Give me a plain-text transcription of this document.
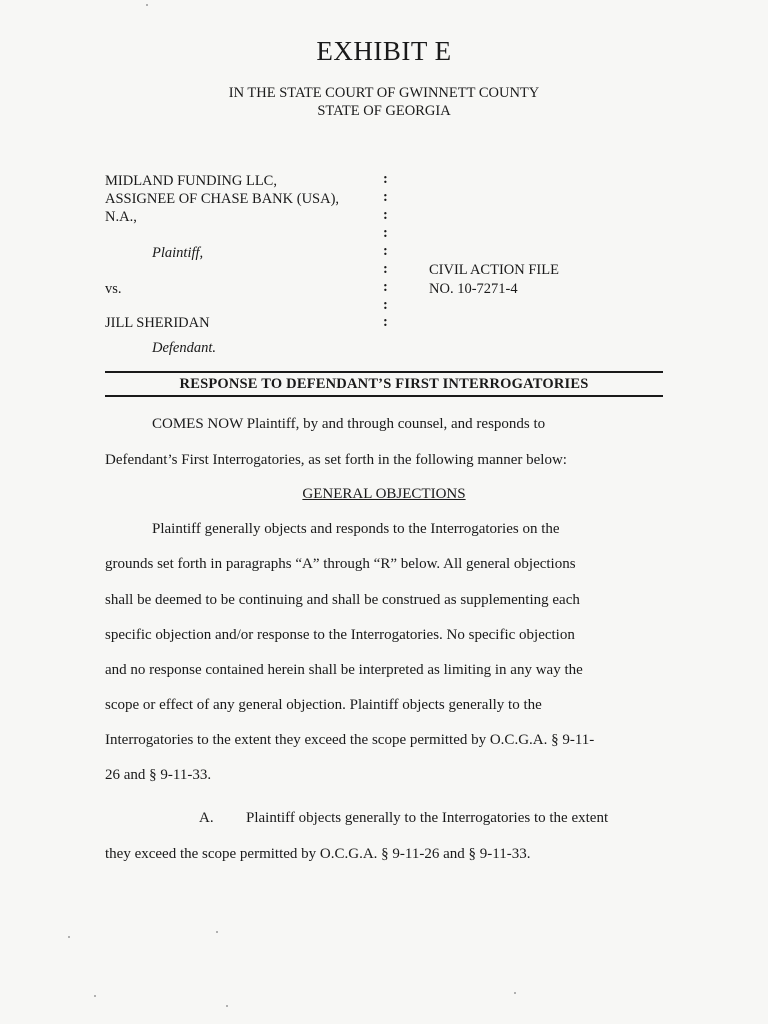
EXHIBIT E
IN THE STATE COURT OF GWINNETT COUNTY
STATE OF GEORGIA
MIDLAND FUNDING LLC,
ASSIGNEE OF CHASE BANK (USA),
N.A.,
Plaintiff,
vs.
JILL SHERIDAN
Defendant.
:
:
:
:
:
:
:
:
:
CIVIL ACTION FILE
NO. 10-7271-4
RESPONSE TO DEFENDANT’S FIRST INTERROGATORIES
COMES NOW Plaintiff, by and through counsel, and responds to
Defendant’s First Interrogatories, as set forth in the following manner below:
GENERAL OBJECTIONS
Plaintiff generally objects and responds to the Interrogatories on the
grounds set forth in paragraphs “A” through “R” below. All general objections
shall be deemed to be continuing and shall be construed as supplementing each
specific objection and/or response to the Interrogatories. No specific objection
and no response contained herein shall be interpreted as limiting in any way the
scope or effect of any general objection. Plaintiff objects generally to the
Interrogatories to the extent they exceed the scope permitted by O.C.G.A. § 9-11-
26 and § 9-11-33.
A. Plaintiff objects generally to the Interrogatories to the extent
they exceed the scope permitted by O.C.G.A. § 9-11-26 and § 9-11-33.
